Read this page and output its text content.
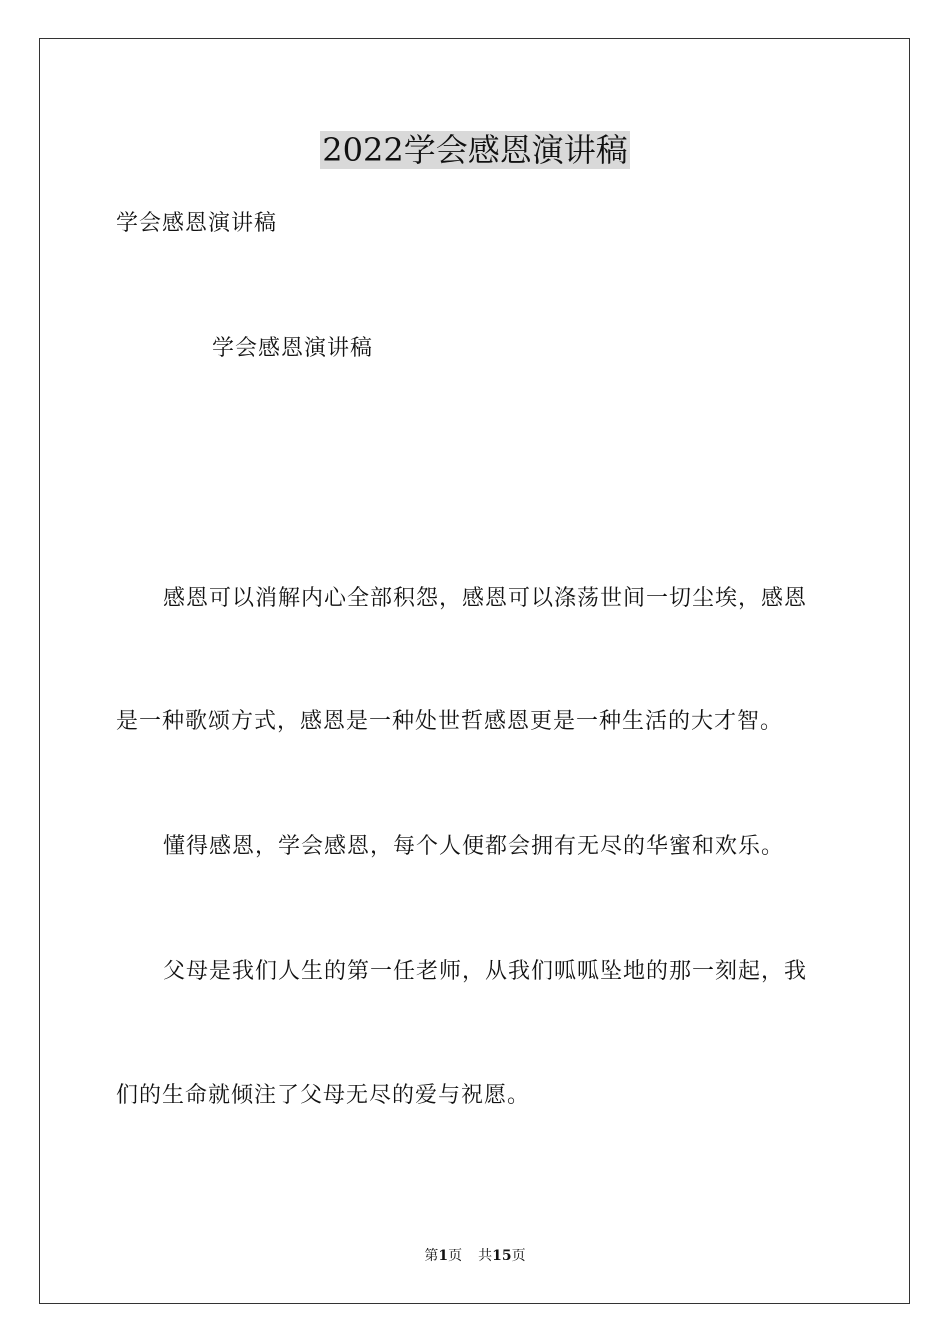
2022学会感恩演讲稿
学会感恩演讲稿
学会感恩演讲稿
感恩可以消解内心全部积怨，感恩可以涤荡世间一切尘埃，感恩
是一种歌颂方式，感恩是一种处世哲感恩更是一种生活的大才智。
懂得感恩，学会感恩，每个人便都会拥有无尽的华蜜和欢乐。
父母是我们人生的第一任老师，从我们呱呱坠地的那一刻起，我
们的生命就倾注了父母无尽的爱与祝愿。
第1页 共15页
